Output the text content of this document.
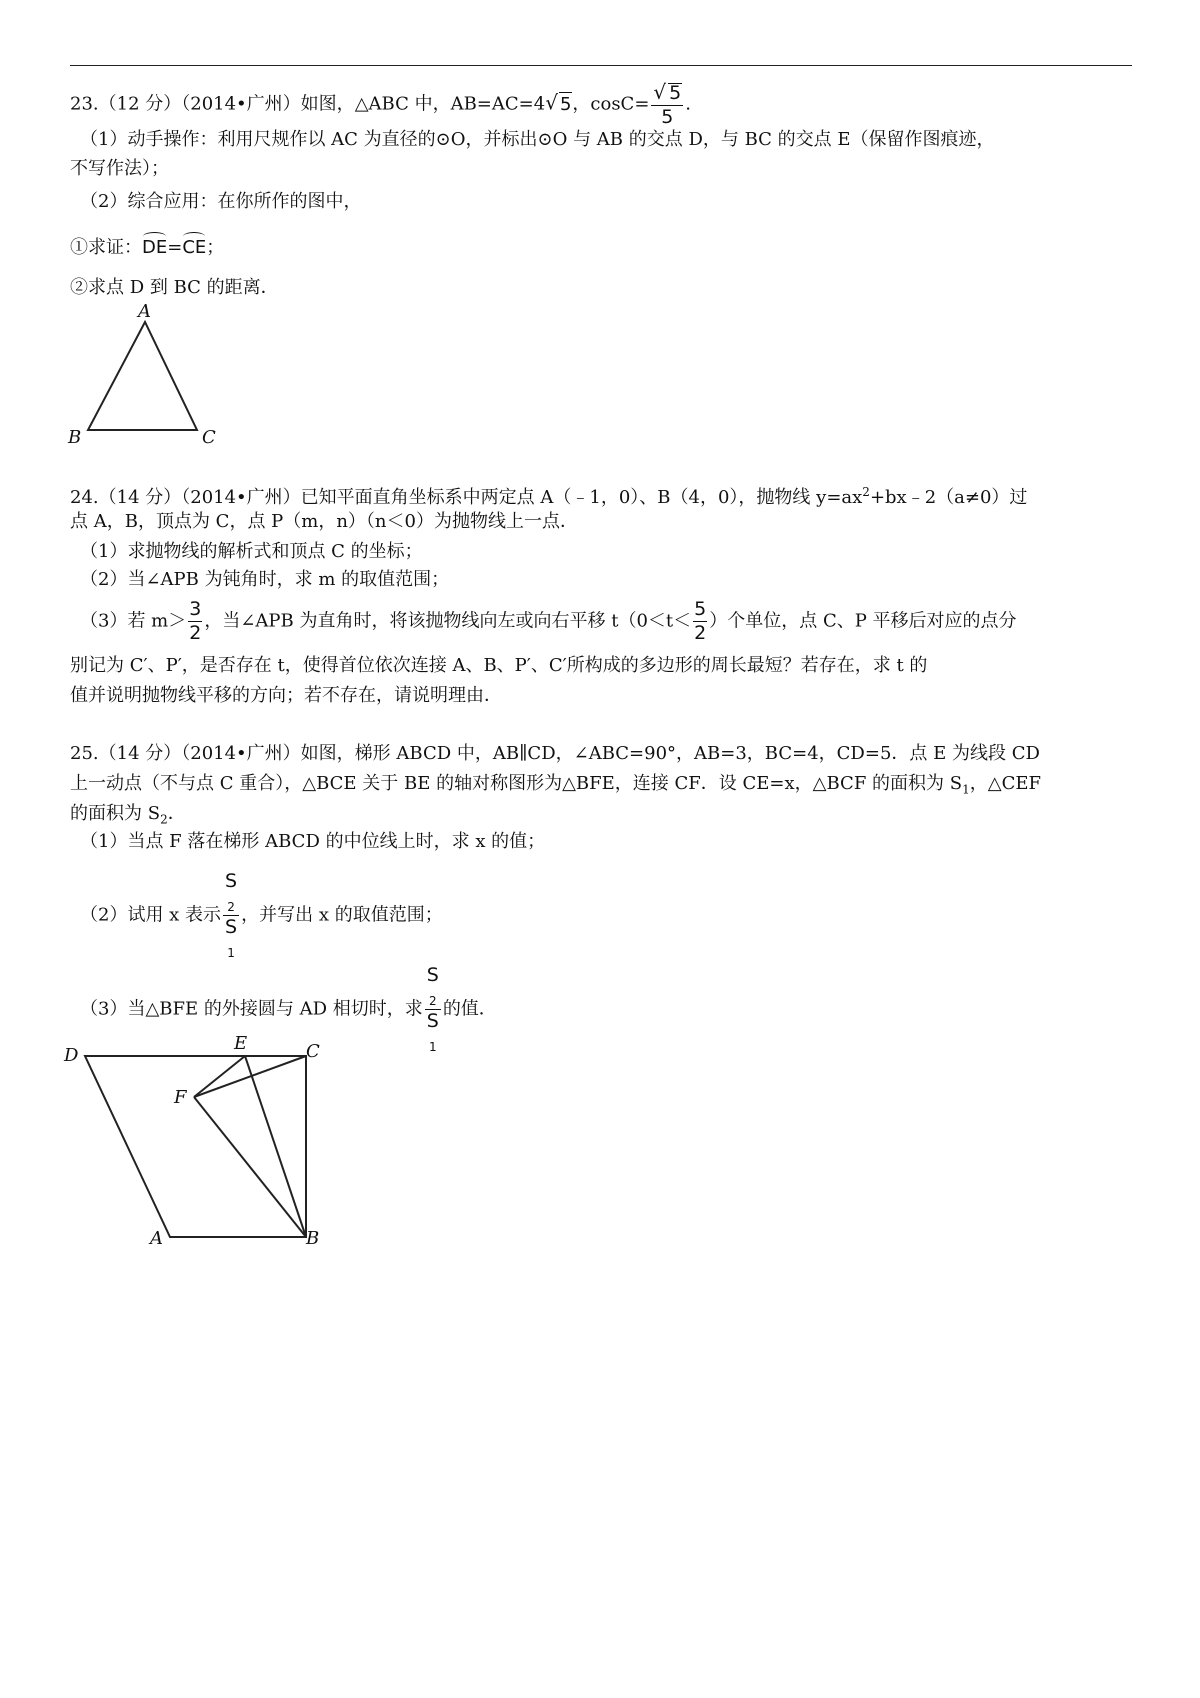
23.（12 分）（2014•广州）如图，△ABC 中，AB=AC=4√ 5，$\cos C= \frac{√ 5}{5}$ .
（1）动手操作：利用尺规作以 AC 为直径的⊙O，并标出⊙O 与 AB 的交点 D，与 BC 的交点 E（保留作图痕迹，
不写作法）；
（2）综合应用：在你所作的图中，
①求证：DE=CE；
②求点 D 到 BC 的距离．
A
B	C
24.（14 分）（2014•广州）已知平面直角坐标系中两定点 A（﹣1，0）、B（4，0），抛物线 $y=ax^2+bx﹣2(a\ne 0)$过
点 A，B，顶点为 C，点 P（m，n）（n＜0）为抛物线上一点．
（1）求抛物线的解析式和顶点 C 的坐标；
（2）当∠APB 为钝角时，求 m 的取值范围；
（3）若 $m> \frac{3}{2}$ ，当∠APB 为直角时，将该抛物线向左或向右平移 $t(0<t< \frac{5}{2}$ ）个单位，点 C、P 平移后对应的点分
别记为 C′、P′，是否存在 t，使得首位依次连接 A、B、P′、C′所构成的多边形的周长最短？若存在，求 t 的
值并说明抛物线平移的方向；若不存在，请说明理由．
25.（14 分）（2014•广州）如图，梯形 ABCD 中，AB∥CD，∠ABC=90°，AB=3，BC=4，CD=5．点 E 为线段 CD
上一动点（不与点 C 重合），△BCE 关于 BE 的轴对称图形为△BFE，连接 CF．设 CE=x，△BCF 的面积为 $S_1$，△CEF
的面积为 $S_2$．
（1）当点 F 落在梯形 ABCD 的中位线上时，求 x 的值；
（2）试用 x 表示 S
$_2$
S
$_1$ ，并写出 x 的取值范围；
（3）当△BFE 的外接圆与 AD 相切时，求 S
$_2$
S
$_1$ 的值．
D
E	C
F
A	B
